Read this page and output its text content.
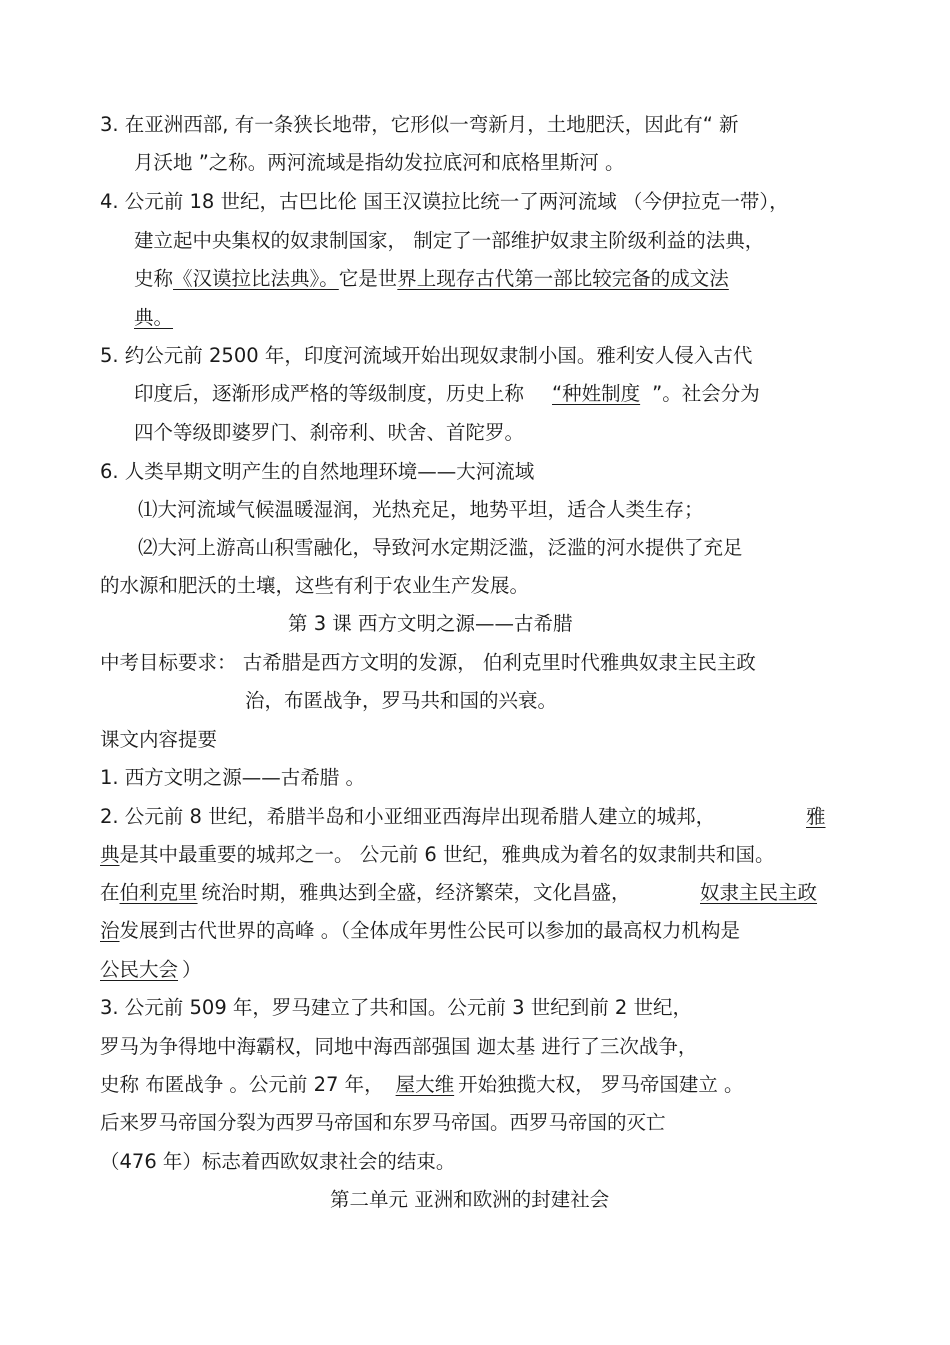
3. 在亚洲西部, 有一条狭长地带，它形似一弯新月，土地肥沃，因此有“ 新
月沃地 ”之称。两河流域是指幼发拉底河和底格里斯河 。
4. 公元前 18 世纪，古巴比伦 国王汉谟拉比统一了两河流域 （今伊拉克一带），
建立起中央集权的奴隶制国家， 制定了一部维护奴隶主阶级利益的法典，
史称《汉谟拉比法典》。它是世界上现存古代第一部比较完备的成文法
典。
5. 约公元前 2500 年，印度河流域开始出现奴隶制小国。雅利安人侵入古代
印度后，逐渐形成严格的等级制度，历史上称 “种姓制度 ”。社会分为
四个等级即婆罗门、刹帝利、吠舍、首陀罗。
6. 人类早期文明产生的自然地理环境——大河流域
⑴大河流域气候温暖湿润，光热充足，地势平坦，适合人类生存；
⑵大河上游高山积雪融化，导致河水定期泛滥，泛滥的河水提供了充足
的水源和肥沃的土壤，这些有利于农业生产发展。
第 3 课 西方文明之源——古希腊
中考目标要求： 古希腊是西方文明的发源， 伯利克里时代雅典奴隶主民主政
治，布匿战争，罗马共和国的兴衰。
课文内容提要
1. 西方文明之源——古希腊 。
2. 公元前 8 世纪，希腊半岛和小亚细亚西海岸出现希腊人建立的城邦，	雅
典是其中最重要的城邦之一。 公元前 6 世纪，雅典成为着名的奴隶制共和国。
在伯利克里 统治时期，雅典达到全盛，经济繁荣，文化昌盛，	奴隶主民主政
治发展到古代世界的高峰 。（全体成年男性公民可以参加的最高权力机构是
公民大会 ）
3. 公元前 509 年，罗马建立了共和国。公元前 3 世纪到前 2 世纪，
罗马为争得地中海霸权，同地中海西部强国 迦太基 进行了三次战争，
史称 布匿战争 。公元前 27 年， 屋大维 开始独揽大权， 罗马帝国建立 。
后来罗马帝国分裂为西罗马帝国和东罗马帝国。西罗马帝国的灭亡
（476 年）标志着西欧奴隶社会的结束。
第二单元 亚洲和欧洲的封建社会
